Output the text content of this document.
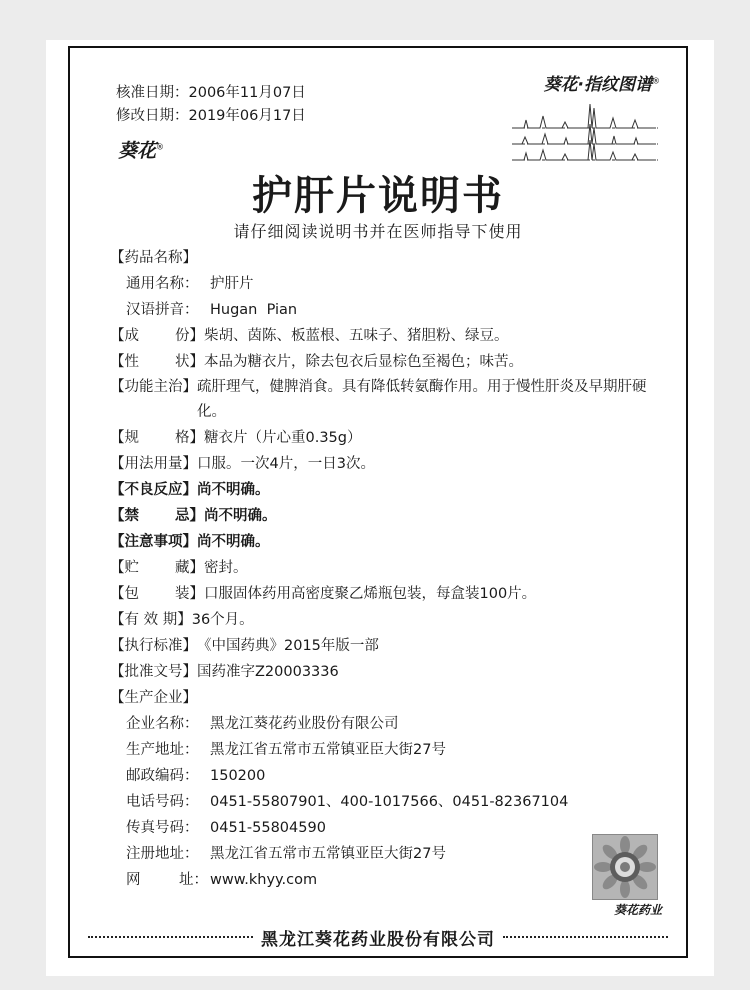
核准日期：2006年11月07日
修改日期：2019年06月17日
葵花®
葵花·指纹图谱®
护肝片说明书
请仔细阅读说明书并在医师指导下使用
【药品名称】
通用名称： 护肝片
汉语拼音： Hugan  Pian
【成 份】 柴胡、茵陈、板蓝根、五味子、猪胆粉、绿豆。
【性 状】 本品为糖衣片，除去包衣后显棕色至褐色；味苦。
【功能主治】 疏肝理气，健脾消食。具有降低转氨酶作用。用于慢性肝炎及早期肝硬化。
【规 格】 糖衣片（片心重0.35g）
【用法用量】 口服。一次4片，一日3次。
【不良反应】 尚不明确。
【禁 忌】 尚不明确。
【注意事项】 尚不明确。
【贮 藏】 密封。
【包 装】 口服固体药用高密度聚乙烯瓶包装，每盒装100片。
【有 效 期】 36个月。
【执行标准】 《中国药典》2015年版一部
【批准文号】 国药准字Z20003336
【生产企业】
企业名称： 黑龙江葵花药业股份有限公司
生产地址： 黑龙江省五常市五常镇亚臣大街27号
邮政编码： 150200
电话号码： 0451-55807901、400-1017566、0451-82367104
传真号码： 0451-55804590
注册地址： 黑龙江省五常市五常镇亚臣大街27号
网	址： www.khyy.com
葵花药业
黑龙江葵花药业股份有限公司
